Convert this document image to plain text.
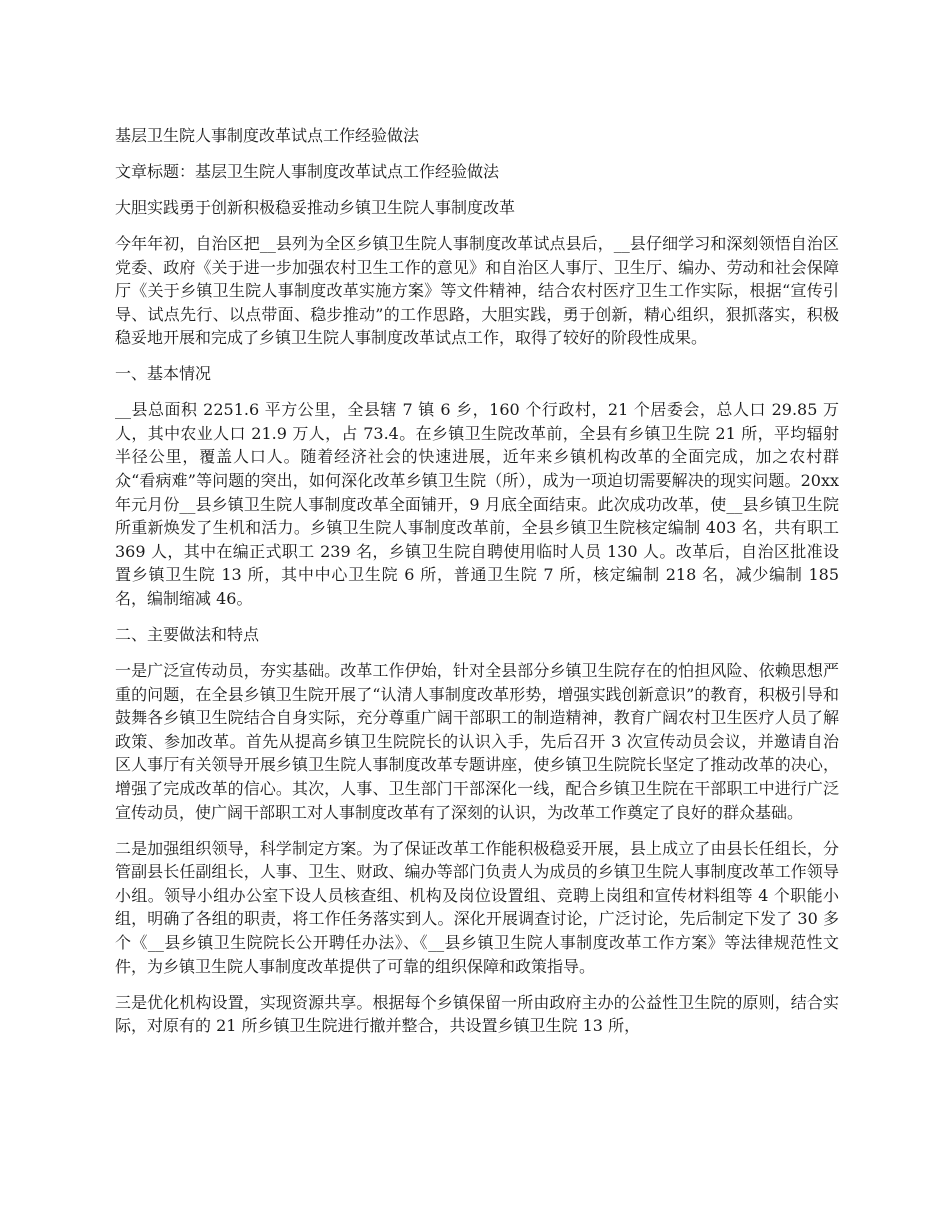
基层卫生院人事制度改革试点工作经验做法

文章标题：基层卫生院人事制度改革试点工作经验做法

大胆实践勇于创新积极稳妥推动乡镇卫生院人事制度改革

今年年初，自治区把__县列为全区乡镇卫生院人事制度改革试点县后，__县仔细学习和深刻领悟自治区党委、政府《关于进一步加强农村卫生工作的意见》和自治区人事厅、卫生厅、编办、劳动和社会保障厅《关于乡镇卫生院人事制度改革实施方案》等文件精神，结合农村医疗卫生工作实际，根据“宣传引导、试点先行、以点带面、稳步推动”的工作思路，大胆实践，勇于创新，精心组织，狠抓落实，积极稳妥地开展和完成了乡镇卫生院人事制度改革试点工作，取得了较好的阶段性成果。

一、基本情况

__县总面积 2251.6 平方公里，全县辖 7 镇 6 乡，160 个行政村，21 个居委会，总人口 29.85 万人，其中农业人口 21.9 万人，占 73.4。在乡镇卫生院改革前，全县有乡镇卫生院 21 所，平均辐射半径公里，覆盖人口人。随着经济社会的快速进展，近年来乡镇机构改革的全面完成，加之农村群众“看病难”等问题的突出，如何深化改革乡镇卫生院（所），成为一项迫切需要解决的现实问题。20xx 年元月份__县乡镇卫生院人事制度改革全面铺开，9 月底全面结束。此次成功改革，使__县乡镇卫生院所重新焕发了生机和活力。乡镇卫生院人事制度改革前，全县乡镇卫生院核定编制 403 名，共有职工 369 人，其中在编正式职工 239 名，乡镇卫生院自聘使用临时人员 130 人。改革后，自治区批准设置乡镇卫生院 13 所，其中中心卫生院 6 所，普通卫生院 7 所，核定编制 218 名，减少编制 185 名，编制缩减 46。

二、主要做法和特点

一是广泛宣传动员，夯实基础。改革工作伊始，针对全县部分乡镇卫生院存在的怕担风险、依赖思想严重的问题，在全县乡镇卫生院开展了“认清人事制度改革形势，增强实践创新意识”的教育，积极引导和鼓舞各乡镇卫生院结合自身实际，充分尊重广阔干部职工的制造精神，教育广阔农村卫生医疗人员了解政策、参加改革。首先从提高乡镇卫生院院长的认识入手，先后召开 3 次宣传动员会议，并邀请自治区人事厅有关领导开展乡镇卫生院人事制度改革专题讲座，使乡镇卫生院院长坚定了推动改革的决心，增强了完成改革的信心。其次，人事、卫生部门干部深化一线，配合乡镇卫生院在干部职工中进行广泛宣传动员，使广阔干部职工对人事制度改革有了深刻的认识，为改革工作奠定了良好的群众基础。

二是加强组织领导，科学制定方案。为了保证改革工作能积极稳妥开展，县上成立了由县长任组长，分管副县长任副组长，人事、卫生、财政、编办等部门负责人为成员的乡镇卫生院人事制度改革工作领导小组。领导小组办公室下设人员核查组、机构及岗位设置组、竞聘上岗组和宣传材料组等 4 个职能小组，明确了各组的职责，将工作任务落实到人。深化开展调查讨论，广泛讨论，先后制定下发了 30 多个《__县乡镇卫生院院长公开聘任办法》、《__县乡镇卫生院人事制度改革工作方案》等法律规范性文件，为乡镇卫生院人事制度改革提供了可靠的组织保障和政策指导。

三是优化机构设置，实现资源共享。根据每个乡镇保留一所由政府主办的公益性卫生院的原则，结合实际，对原有的 21 所乡镇卫生院进行撤并整合，共设置乡镇卫生院 13 所，
